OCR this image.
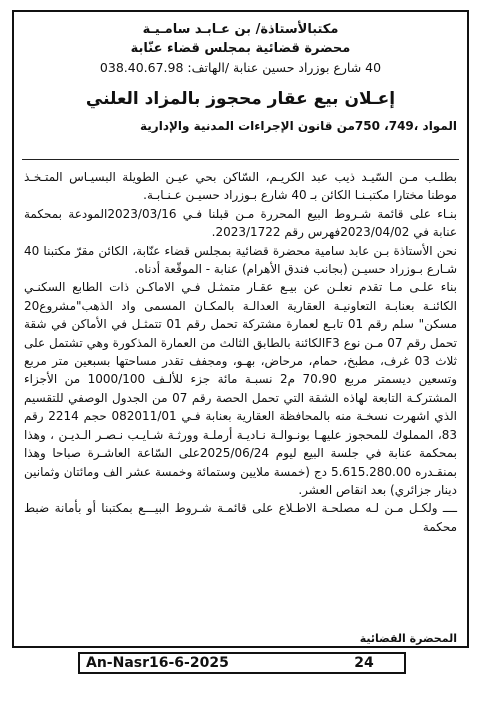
مكتبالأستاذة/ بن عـابـد سامـيـة
محضرة قضائية بمجلس قضاء عنّابة
40 شارع بوزراد حسين عنابة /الهاتف: 038.40.67.98
إعـلان بيع عقار محجوز بالمزاد العلني
المواد ،749، 750من قانون الإجراءات المدنية والإدارية

بطلـب مـن السّيـد ذيب عبد الكريـم، السّاكن بحي عيـن الطويلة البسيـاس المتـخـذ موطنا مختارا مكتبـنـا الكائن بـ 40 شارع بـوزراد حسيـن عـنـابـة.

بنـاء على قائمة شـروط البيع المحررة مـن قبلنا فـي 2023/03/16المودعة بمحكمة عنابة في 2023/04/02فهرس رقم 2023/1722.

نحن الأستاذة بـن عابد سامية محضرة قضائية بمجلس قضاء عنّابة، الكائن مقرّ مكتبنا 40 شـارع بـوزراد حسيـن (بجانب فندق الأهرام) عنابة - الموقّعة أدناه.

بناء علـى مـا تقدم نعلـن عن بيـع عقـار متمثـل فـي الاماكـن ذات الطابع السكنـي الكائنـة بعنابـة التعاونيـة العقارية العدالـة بالمكـان المسمى واد الذهب"مشروع20 مسكن" سلم رقم 01 تابـع لعمارة مشتركة تحمل رقم 01 تتمثـل في الأماكن في شقة تحمل رقم 07 مـن نوع F3الكائنة بالطابق الثالث من العمارة المذكورة وهي تشتمل على ثلاث 03 غرف، مطبخ، حمام، مرحاض، بهـو، ومجفف تقدر مساحتها بسبعين متر مربع وتسعين ديسمتر مربع 70،90 م2 نسبـة مائة جزء للألـف 1000/100 من الأجزاء المشتركـة التابعة لهاذه الشقة التي تحمل الحصة رقم 07 من الجدول الوصفي للتقسيم الذي اشهرت نسخـة منه بالمحافظة العقارية بعنابة فـي 082011/01 حجم 2214 رقم 83، المملوك للمحجوز عليهـا بونـوالـة نـاديـة أرملـة وورثـة شـايـب نـصـر الـديـن ، وهذا بمحكمة عنابة في جلسة البيع ليوم 2025/06/24على السّاعة العاشـرة صباحا وهذا بمنقـدره 5.615.280.00 دج (خمسة ملايين وستمائة وخمسة عشر الف ومائتان وثمانين دينار جزائري) بعد انقاص العشر.

ــــ ولكـل مـن لـه مصلحـة الاطـلاع على قائمـة شـروط البيـــع بمكتبنا أو بأمانة ضبط محكمة

المحضرة القضائية
An-Nasr16-6-2025	24
